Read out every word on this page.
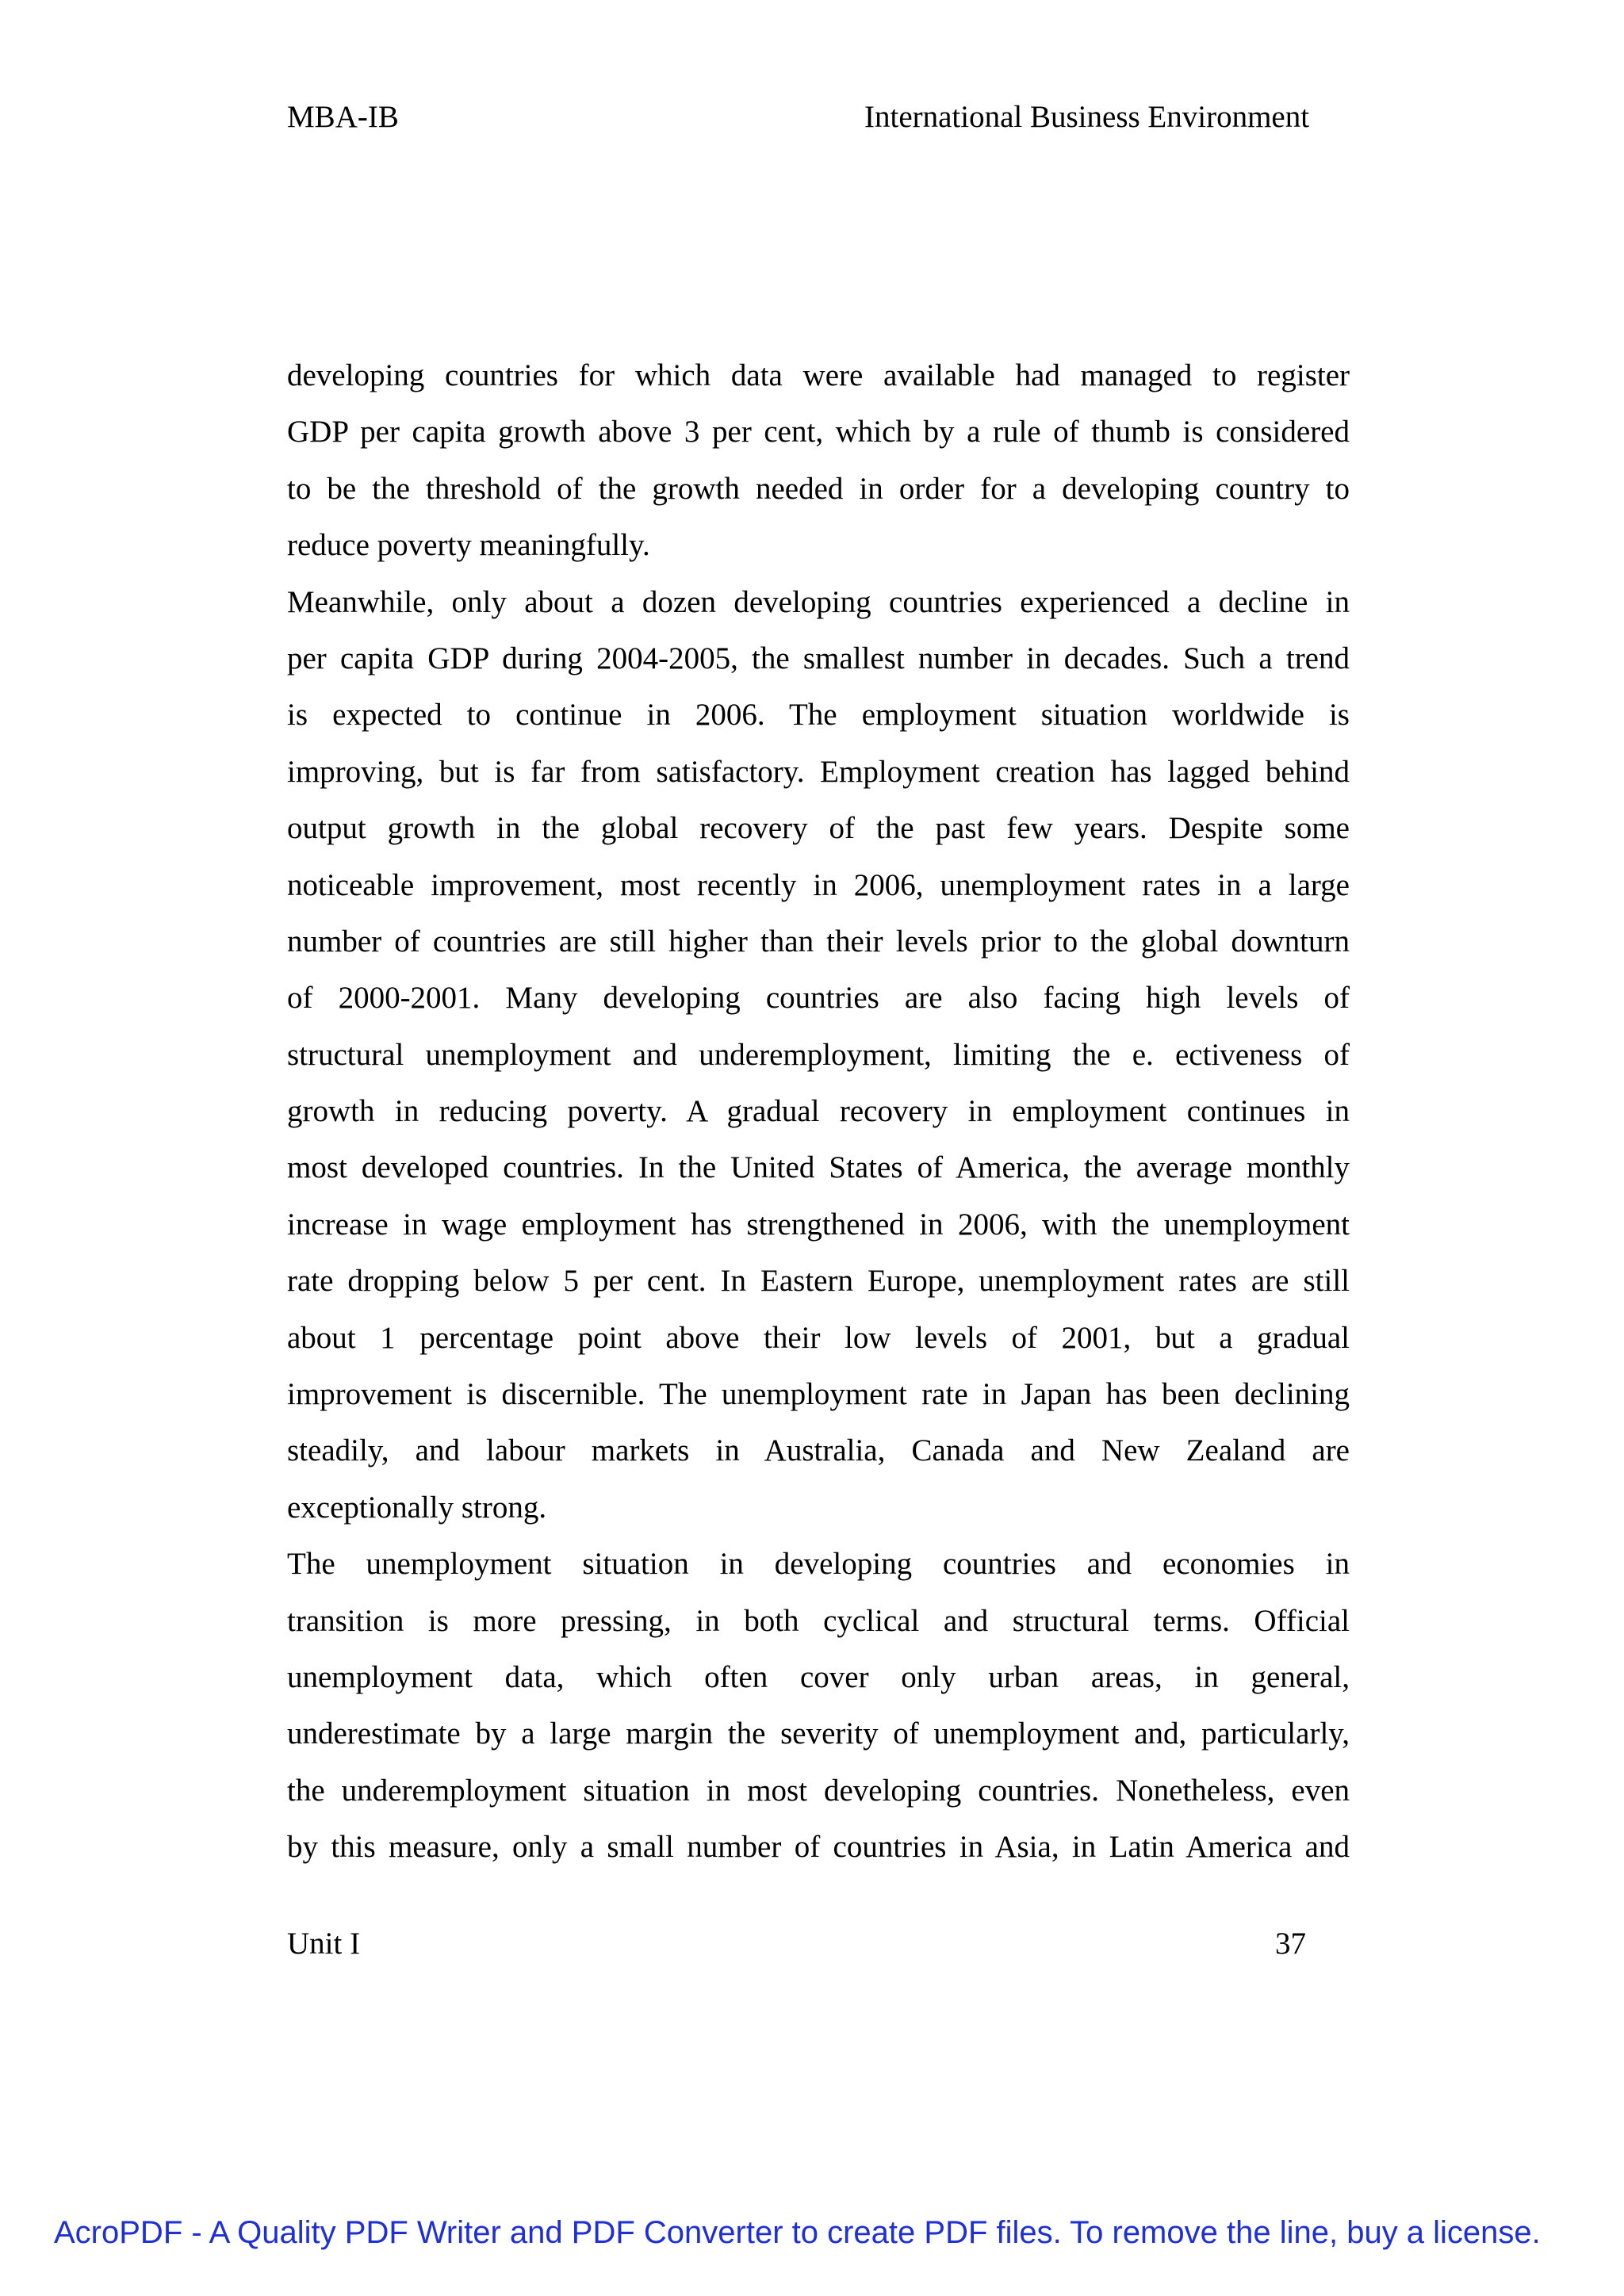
MBA-IB	International Business Environment
developing countries for which data were available had managed to register
GDP per capita growth above 3 per cent, which by a rule of thumb is considered
to be the threshold of the growth needed in order for a developing country to
reduce poverty meaningfully.
Meanwhile, only about a dozen developing countries experienced a decline in
per capita GDP during 2004-2005, the smallest number in decades. Such a trend
is expected to continue in 2006. The employment situation worldwide is
improving, but is far from satisfactory. Employment creation has lagged behind
output growth in the global recovery of the past few years. Despite some
noticeable improvement, most recently in 2006, unemployment rates in a large
number of countries are still higher than their levels prior to the global downturn
of 2000-2001. Many developing countries are also facing high levels of
structural unemployment and underemployment, limiting the e. ectiveness of
growth in reducing poverty. A gradual recovery in employment continues in
most developed countries. In the United States of America, the average monthly
increase in wage employment has strengthened in 2006, with the unemployment
rate dropping below 5 per cent. In Eastern Europe, unemployment rates are still
about 1 percentage point above their low levels of 2001, but a gradual
improvement is discernible. The unemployment rate in Japan has been declining
steadily, and labour markets in Australia, Canada and New Zealand are
exceptionally strong.
The unemployment situation in developing countries and economies in
transition is more pressing, in both cyclical and structural terms. Official
unemployment data, which often cover only urban areas, in general,
underestimate by a large margin the severity of unemployment and, particularly,
the underemployment situation in most developing countries. Nonetheless, even
by this measure, only a small number of countries in Asia, in Latin America and
Unit I	37
AcroPDF - A Quality PDF Writer and PDF Converter to create PDF files. To remove the line, buy a license.
